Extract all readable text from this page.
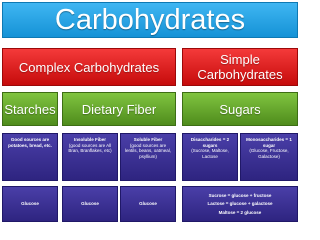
Carbohydrates
Complex Carbohydrates	Simple
Carbohydrates
Starches	Dietary Fiber	Sugars
Good sources are potatoes, bread, etc.
Insoluble Fiber
(good sources are All Bran, Branflakes, etc)
Soluble Fiber
(good sources are lentils, beans, oatmeal, psyllium)
Disaccharides = 2 sugars
(Sucrose, Maltose, Lactose
Monosaccharides = 1 sugar
(Glucose, Fructose, Galactose)
Glucose	Glucose	Glucose
Sucrose = glucose + fructose
Lactose = glucose + galactose
Maltose = 2 glucose
